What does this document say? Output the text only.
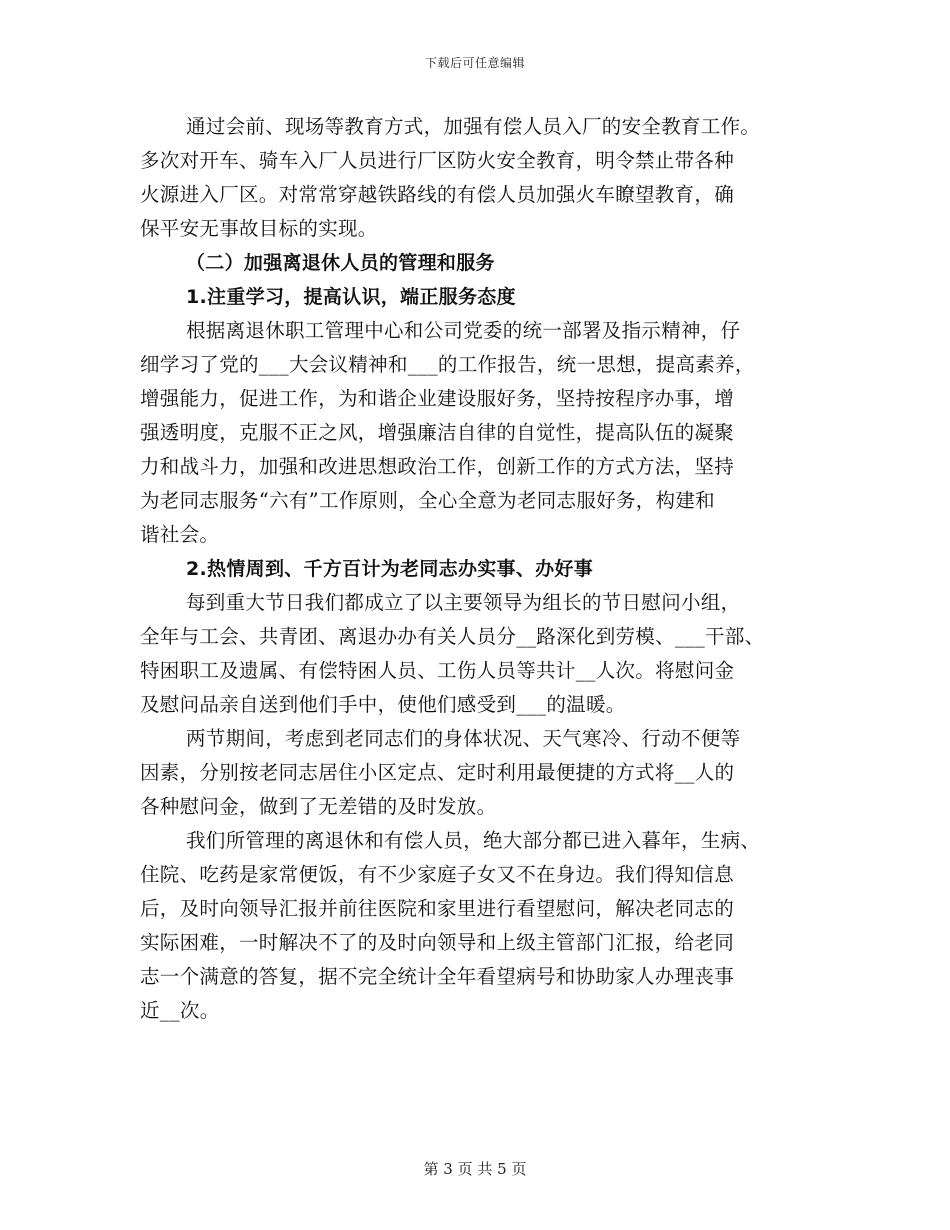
下载后可任意编辑
通过会前、现场等教育方式，加强有偿人员入厂的安全教育工作。
多次对开车、骑车入厂人员进行厂区防火安全教育，明令禁止带各种
火源进入厂区。对常常穿越铁路线的有偿人员加强火车瞭望教育，确
保平安无事故目标的实现。
（二）加强离退休人员的管理和服务
1.注重学习，提高认识，端正服务态度
根据离退休职工管理中心和公司党委的统一部署及指示精神，仔
细学习了党的___大会议精神和___的工作报告，统一思想，提高素养，
增强能力，促进工作，为和谐企业建设服好务，坚持按程序办事，增
强透明度，克服不正之风，增强廉洁自律的自觉性，提高队伍的凝聚
力和战斗力，加强和改进思想政治工作，创新工作的方式方法，坚持
为老同志服务“六有”工作原则，全心全意为老同志服好务，构建和
谐社会。
2.热情周到、千方百计为老同志办实事、办好事
每到重大节日我们都成立了以主要领导为组长的节日慰问小组，
全年与工会、共青团、离退办办有关人员分__路深化到劳模、___干部、
特困职工及遗属、有偿特困人员、工伤人员等共计__人次。将慰问金
及慰问品亲自送到他们手中，使他们感受到___的温暖。
两节期间，考虑到老同志们的身体状况、天气寒冷、行动不便等
因素，分别按老同志居住小区定点、定时利用最便捷的方式将__人的
各种慰问金，做到了无差错的及时发放。
我们所管理的离退休和有偿人员，绝大部分都已进入暮年，生病、
住院、吃药是家常便饭，有不少家庭子女又不在身边。我们得知信息
后，及时向领导汇报并前往医院和家里进行看望慰问，解决老同志的
实际困难，一时解决不了的及时向领导和上级主管部门汇报，给老同
志一个满意的答复，据不完全统计全年看望病号和协助家人办理丧事
近__次。
第 3 页 共 5 页
